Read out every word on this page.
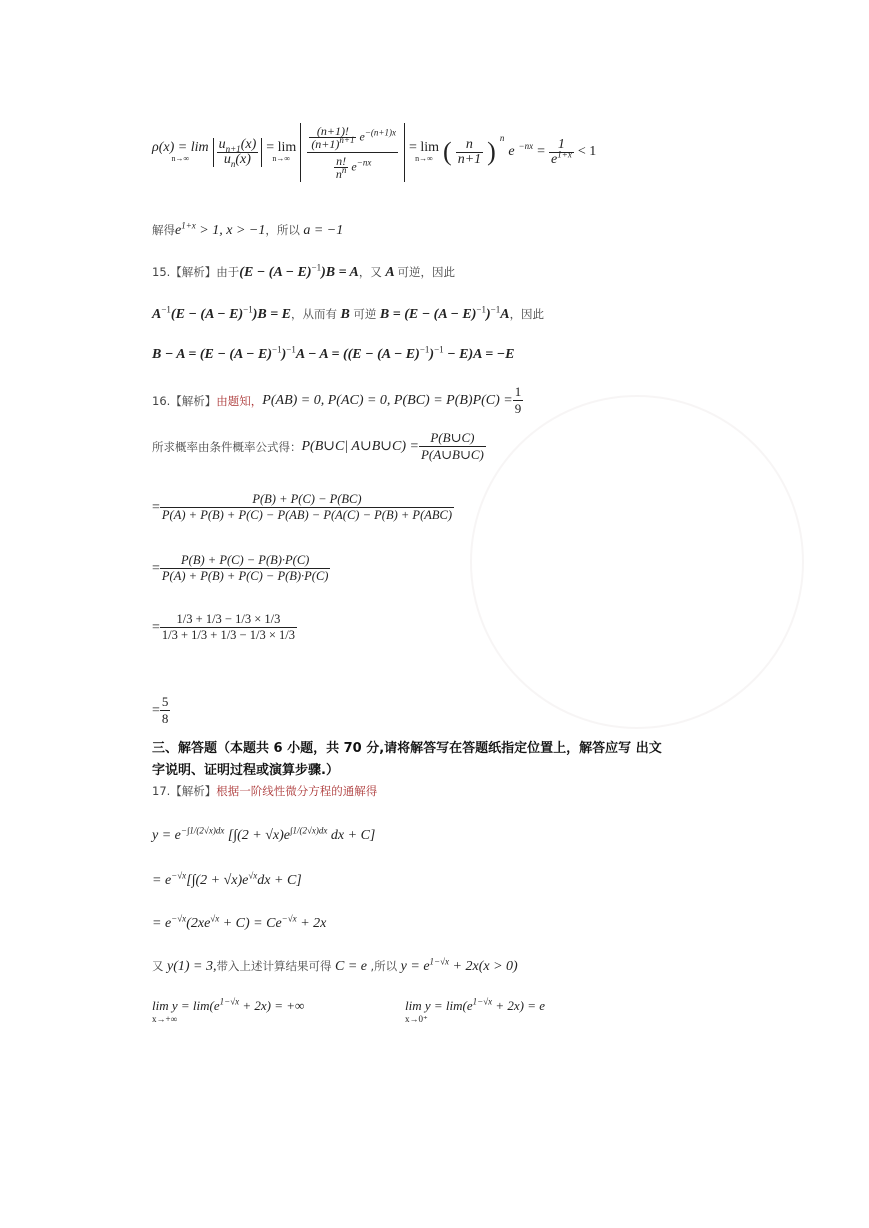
ρ(x) = lim
n→∞	$\frac{u_{n+1}(x)}{u_n(x)} = \lim$
n→∞	$\frac{\frac{(n+1)!}{(n+1)^{n+1}} e^{-(n+1)x}}{\frac{n!}{n^n} e^{-nx}} = \lim$
n→∞ ( $\frac{n}{n+1}$ ) $^n$
e $^{-nx} = \frac{1}{e^{1+x}} < 1$
解得$e^{1+x} > 1$, x > −1，所以 a = −1
15.【解析】由于$(E - (A - E)^{-1})B = A$，又 A 可逆，因此
$A^{-1}(E - (A - E)^{-1})B = E$，从而有 B 可逆 $B = (E - (A - E)^{-1})^{-1}A$，因此
$B - A = (E - (A - E)^{-1})^{-1}A - A = ((E - (A - E)^{-1})^{-1} - E)A = -E$
16.【解析】 由题知， P(AB) = 0, P(AC) = 0, $P(BC) = P(B)P(C) = \frac{1}{9}$
所求概率由条件概率公式得： P(B∪C| A∪B∪C) = $\frac{P(B\cup C)}{P(A\cup B\cup C)}$
= $\frac{P(B) + P(C) - P(BC)}{\text{P(A) + P(B) + P(C) − P(AB) − P(A(C) − P(B) + P(ABC)}}$
= $\frac{P(B) + P(C) - P(B)\cdot P(C)}{P(A) + P(B) + P(C) - P(B)\cdot P(C)}$
= $\frac{1/3 + 1/3 - 1/3 \times 1/3}{1/3 + 1/3 + 1/3 - 1/3 \times 1/3}$
= $\frac{5}{8}$
三、解答题（本题共 6 小题，共 70 分,请将解答写在答题纸指定位置上，解答应写 出文
字说明、证明过程或演算步骤.）
17.【解析】根据一阶线性微分方程的通解得
$y = e^{-\int 1/(2√x)dx}$ [$\int(2 + √x)e^{\int 1/(2√x)dx}$ dx + C]
= $e^{-√x}[\int(2 + √x)e^{√x}dx + C]$
= $e^{-√x}(2xe^{√x} + C) = Ce^{-√x} + 2x$
又 y(1) = 3,带入上述计算结果可得 C = e ,所以 $y = e^{1-√x} + 2x(x > 0)$
$\lim y = \lim(e^{1-√x} + 2x)$ = +∞
x→+∞
$\lim y = \lim(e^{1-√x} + 2x) = e$
x→0⁺
